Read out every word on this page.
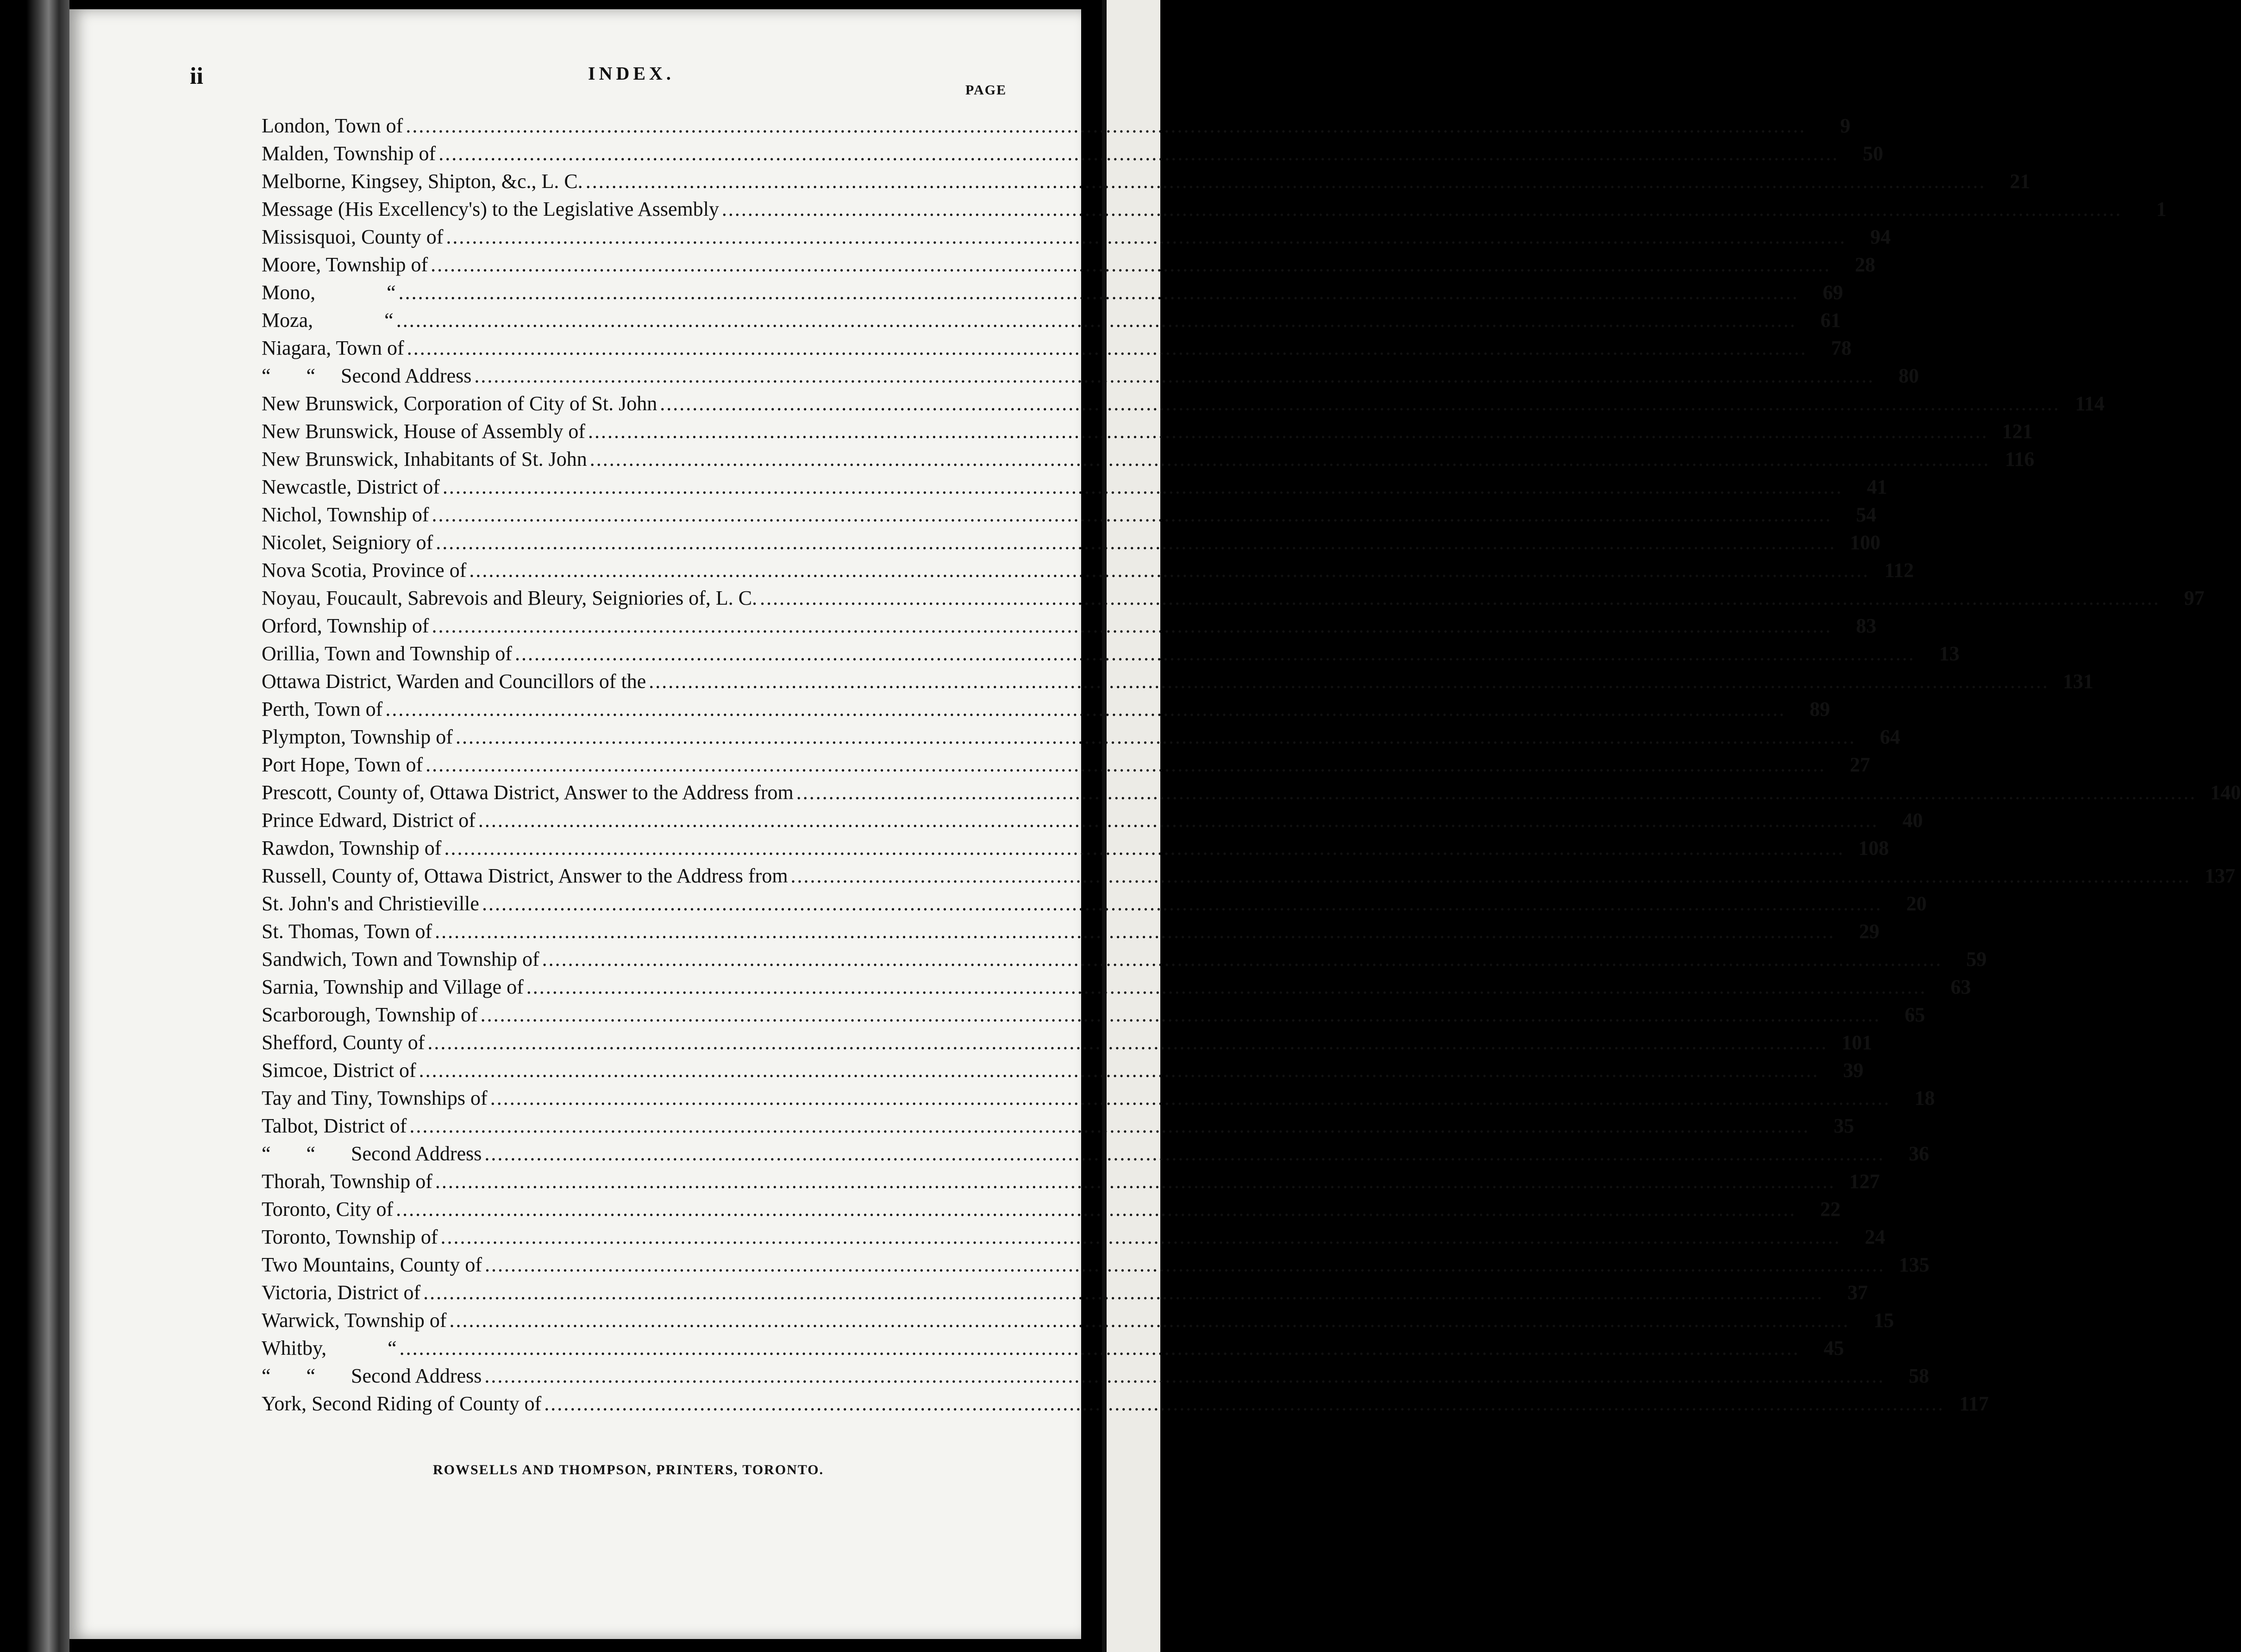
ii	INDEX.
PAGE
London, Town of ........................................................................................................................................................................................................................	9
Malden, Township of ........................................................................................................................................................................................................................	50
Melborne, Kingsey, Shipton, &c., L. C. ........................................................................................................................................................................................................................	21
Message (His Excellency's) to the Legislative Assembly ........................................................................................................................................................................................................................	1
Missisquoi, County of ........................................................................................................................................................................................................................	94
Moore, Township of ........................................................................................................................................................................................................................	28
Mono,              “ ........................................................................................................................................................................................................................	69
Moza,              “ ........................................................................................................................................................................................................................	61
Niagara, Town of ........................................................................................................................................................................................................................	78
“       “     Second Address ........................................................................................................................................................................................................................	80
New Brunswick, Corporation of City of St. John ........................................................................................................................................................................................................................ 114
New Brunswick, House of Assembly of ........................................................................................................................................................................................................................ 121
New Brunswick, Inhabitants of St. John ........................................................................................................................................................................................................................ 116
Newcastle, District of ........................................................................................................................................................................................................................	41
Nichol, Township of ........................................................................................................................................................................................................................	54
Nicolet, Seigniory of ........................................................................................................................................................................................................................ 100
Nova Scotia, Province of ........................................................................................................................................................................................................................ 112
Noyau, Foucault, Sabrevois and Bleury, Seigniories of, L. C. ........................................................................................................................................................................................................................	97
Orford, Township of ........................................................................................................................................................................................................................	83
Orillia, Town and Township of ........................................................................................................................................................................................................................	13
Ottawa District, Warden and Councillors of the ........................................................................................................................................................................................................................ 131
Perth, Town of ........................................................................................................................................................................................................................	89
Plympton, Township of ........................................................................................................................................................................................................................	64
Port Hope, Town of ........................................................................................................................................................................................................................	27
Prescott, County of, Ottawa District, Answer to the Address from ........................................................................................................................................................................................................................ 140
Prince Edward, District of ........................................................................................................................................................................................................................	40
Rawdon, Township of ........................................................................................................................................................................................................................ 108
Russell, County of, Ottawa District, Answer to the Address from ........................................................................................................................................................................................................................ 137
St. John's and Christieville ........................................................................................................................................................................................................................	20
St. Thomas, Town of ........................................................................................................................................................................................................................	29
Sandwich, Town and Township of ........................................................................................................................................................................................................................	59
Sarnia, Township and Village of ........................................................................................................................................................................................................................	63
Scarborough, Township of ........................................................................................................................................................................................................................	65
Shefford, County of ........................................................................................................................................................................................................................ 101
Simcoe, District of ........................................................................................................................................................................................................................	39
Tay and Tiny, Townships of ........................................................................................................................................................................................................................	18
Talbot, District of ........................................................................................................................................................................................................................	35
“       “       Second Address ........................................................................................................................................................................................................................	36
Thorah, Township of ........................................................................................................................................................................................................................ 127
Toronto, City of ........................................................................................................................................................................................................................	22
Toronto, Township of ........................................................................................................................................................................................................................	24
Two Mountains, County of ........................................................................................................................................................................................................................ 135
Victoria, District of ........................................................................................................................................................................................................................	37
Warwick, Township of ........................................................................................................................................................................................................................	15
Whitby,            “ ........................................................................................................................................................................................................................	45
“       “       Second Address ........................................................................................................................................................................................................................	58
York, Second Riding of County of ........................................................................................................................................................................................................................ 117
ROWSELLS AND THOMPSON, PRINTERS, TORONTO.
